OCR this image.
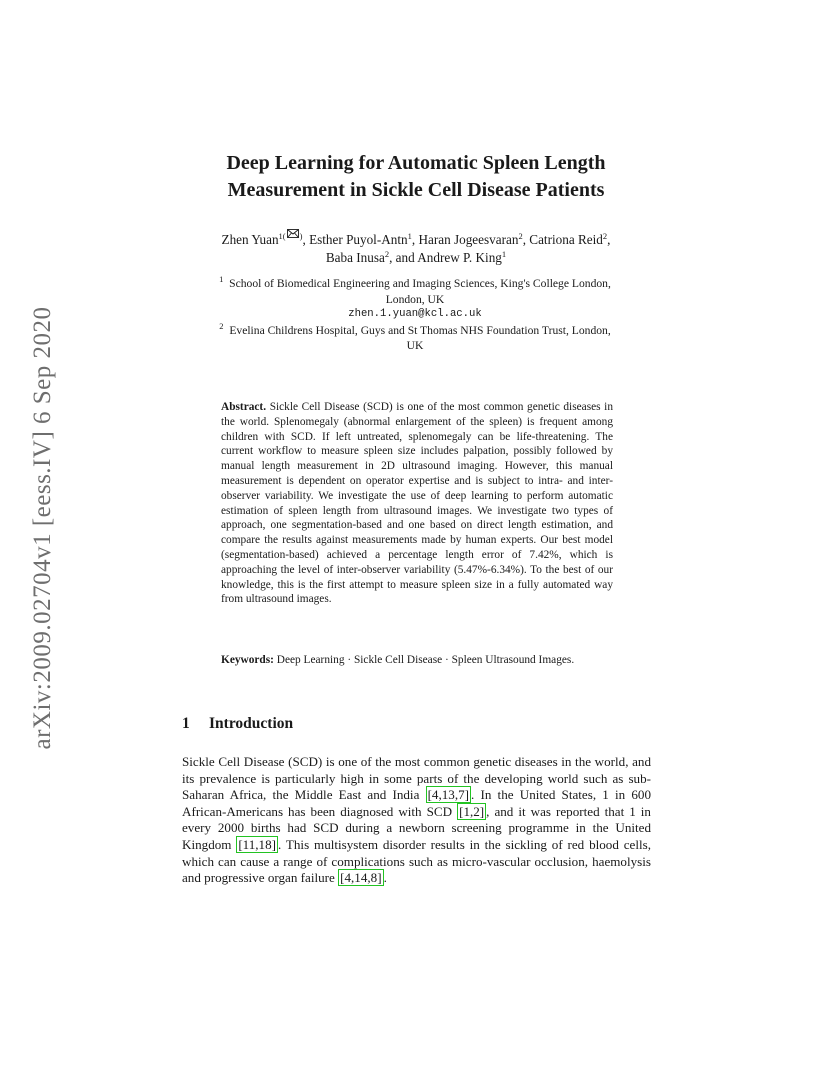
arXiv:2009.02704v1 [eess.IV] 6 Sep 2020
Deep Learning for Automatic Spleen Length
Measurement in Sickle Cell Disease Patients
Zhen Yuan$^{1( )}$, Esther Puyol-Antn$^1$, Haran Jogeesvaran$^2$, Catriona Reid$^2$,
Baba Inusa$^2$, and Andrew P. King$^1$
$^1$ School of Biomedical Engineering and Imaging Sciences, King's College London,
London, UK
zhen.1.yuan@kcl.ac.uk
$^2$ Evelina Childrens Hospital, Guys and St Thomas NHS Foundation Trust, London,
UK
Abstract. Sickle Cell Disease (SCD) is one of the most common genetic diseases in the world. Splenomegaly (abnormal enlargement of the spleen) is frequent among children with SCD. If left untreated, splenomegaly can be life-threatening. The current workflow to measure spleen size includes palpation, possibly followed by manual length measurement in 2D ultrasound imaging. However, this manual measurement is dependent on operator expertise and is subject to intra- and inter-observer variability. We investigate the use of deep learning to perform automatic estimation of spleen length from ultrasound images. We investigate two types of approach, one segmentation-based and one based on direct length estimation, and compare the results against measurements made by human experts. Our best model (segmentation-based) achieved a percentage length error of 7.42%, which is approaching the level of inter-observer variability (5.47%-6.34%). To the best of our knowledge, this is the first attempt to measure spleen size in a fully automated way from ultrasound images.
Keywords: Deep Learning · Sickle Cell Disease · Spleen Ultrasound Images.
1 Introduction
Sickle Cell Disease (SCD) is one of the most common genetic diseases in the world, and its prevalence is particularly high in some parts of the developing world such as sub-Saharan Africa, the Middle East and India [4,13,7] . In the United States, 1 in 600 African-Americans has been diagnosed with SCD [1,2] , and it was reported that 1 in every 2000 births had SCD during a newborn screening programme in the United Kingdom [11,18] . This multisystem disorder results in the sickling of red blood cells, which can cause a range of complications such as micro-vascular occlusion, haemolysis and progressive organ failure [4,14,8] .
